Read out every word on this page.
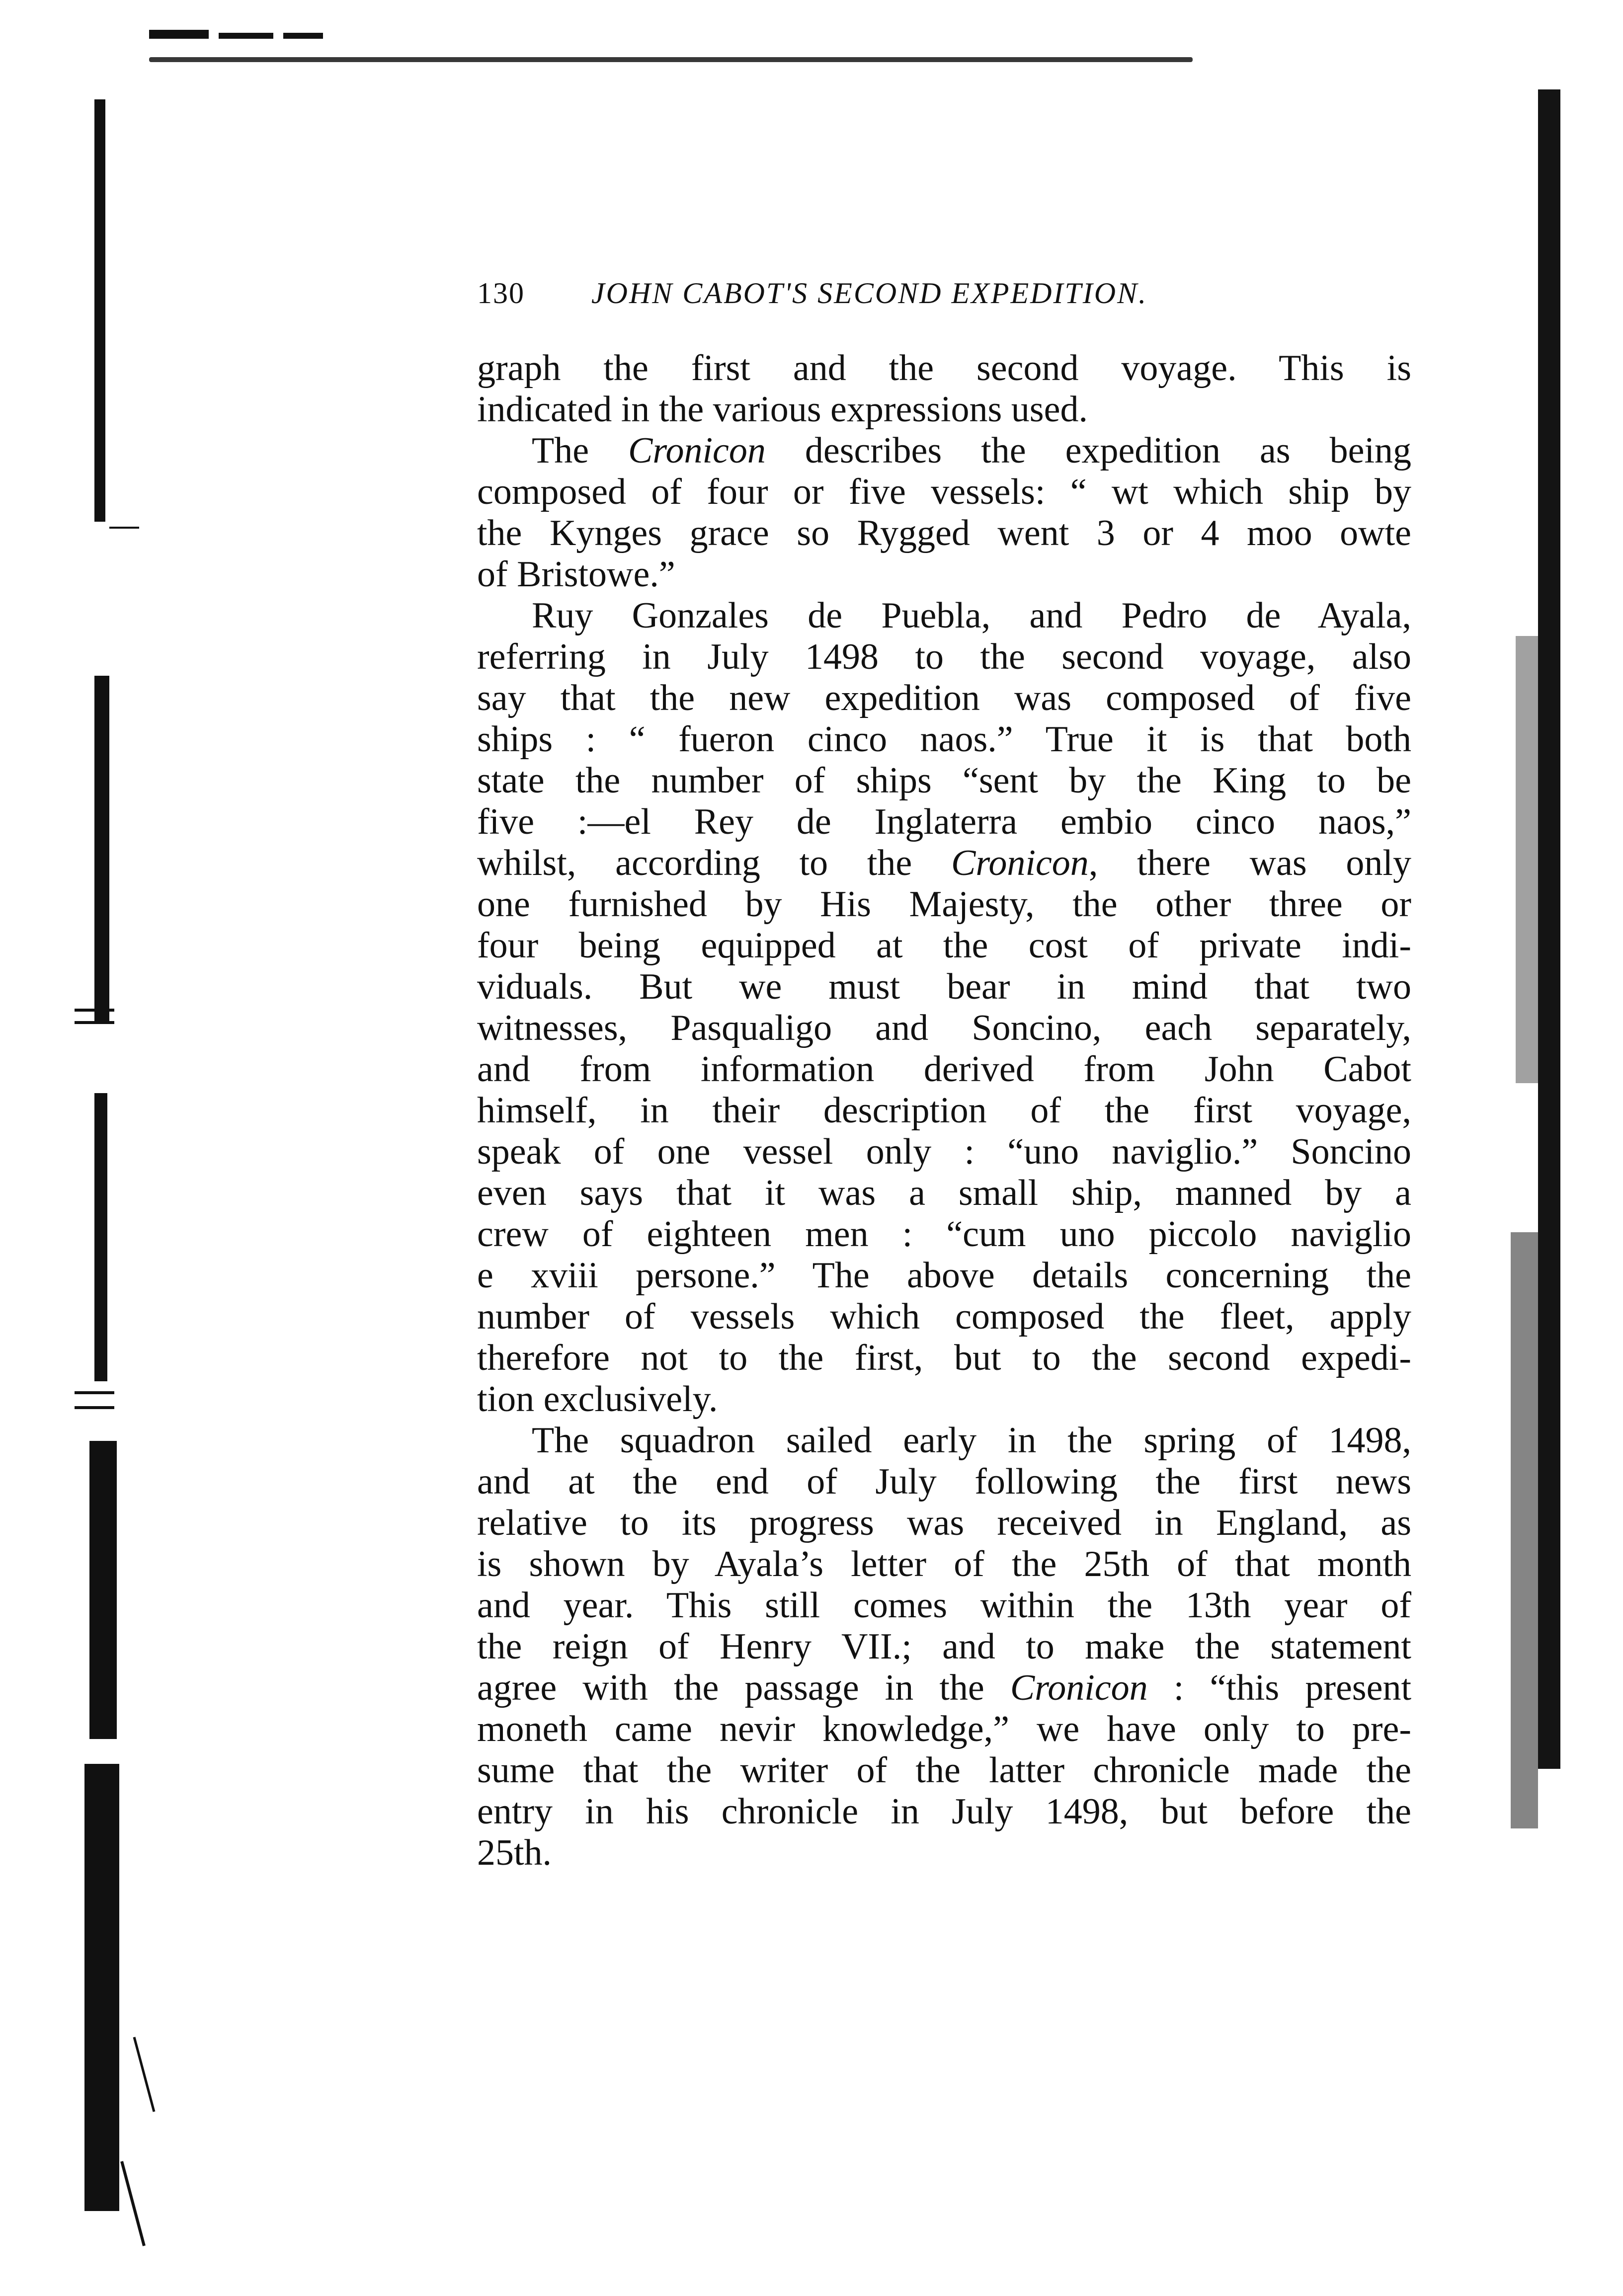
130 JOHN CABOT'S SECOND EXPEDITION.
graph the first and the second voyage. This is
indicated in the various expressions used.
The Cronicon describes the expedition as being
composed of four or five vessels: “ wt which ship by
the Kynges grace so Rygged went 3 or 4 moo owte
of Bristowe.”
Ruy Gonzales de Puebla, and Pedro de Ayala,
referring in July 1498 to the second voyage, also
say that the new expedition was composed of five
ships : “ fueron cinco naos.” True it is that both
state the number of ships “sent by the King to be
five :—el Rey de Inglaterra embio cinco naos,”
whilst, according to the Cronicon, there was only
one furnished by His Majesty, the other three or
four being equipped at the cost of private indi-
viduals. But we must bear in mind that two
witnesses, Pasqualigo and Soncino, each separately,
and from information derived from John Cabot
himself, in their description of the first voyage,
speak of one vessel only : “uno naviglio.” Soncino
even says that it was a small ship, manned by a
crew of eighteen men : “cum uno piccolo naviglio
e xviii persone.” The above details concerning the
number of vessels which composed the fleet, apply
therefore not to the first, but to the second expedi-
tion exclusively.
The squadron sailed early in the spring of 1498,
and at the end of July following the first news
relative to its progress was received in England, as
is shown by Ayala’s letter of the 25th of that month
and year. This still comes within the 13th year of
the reign of Henry VII.; and to make the statement
agree with the passage in the Cronicon : “this present
moneth came nevir knowledge,” we have only to pre-
sume that the writer of the latter chronicle made the
entry in his chronicle in July 1498, but before the
25th.
